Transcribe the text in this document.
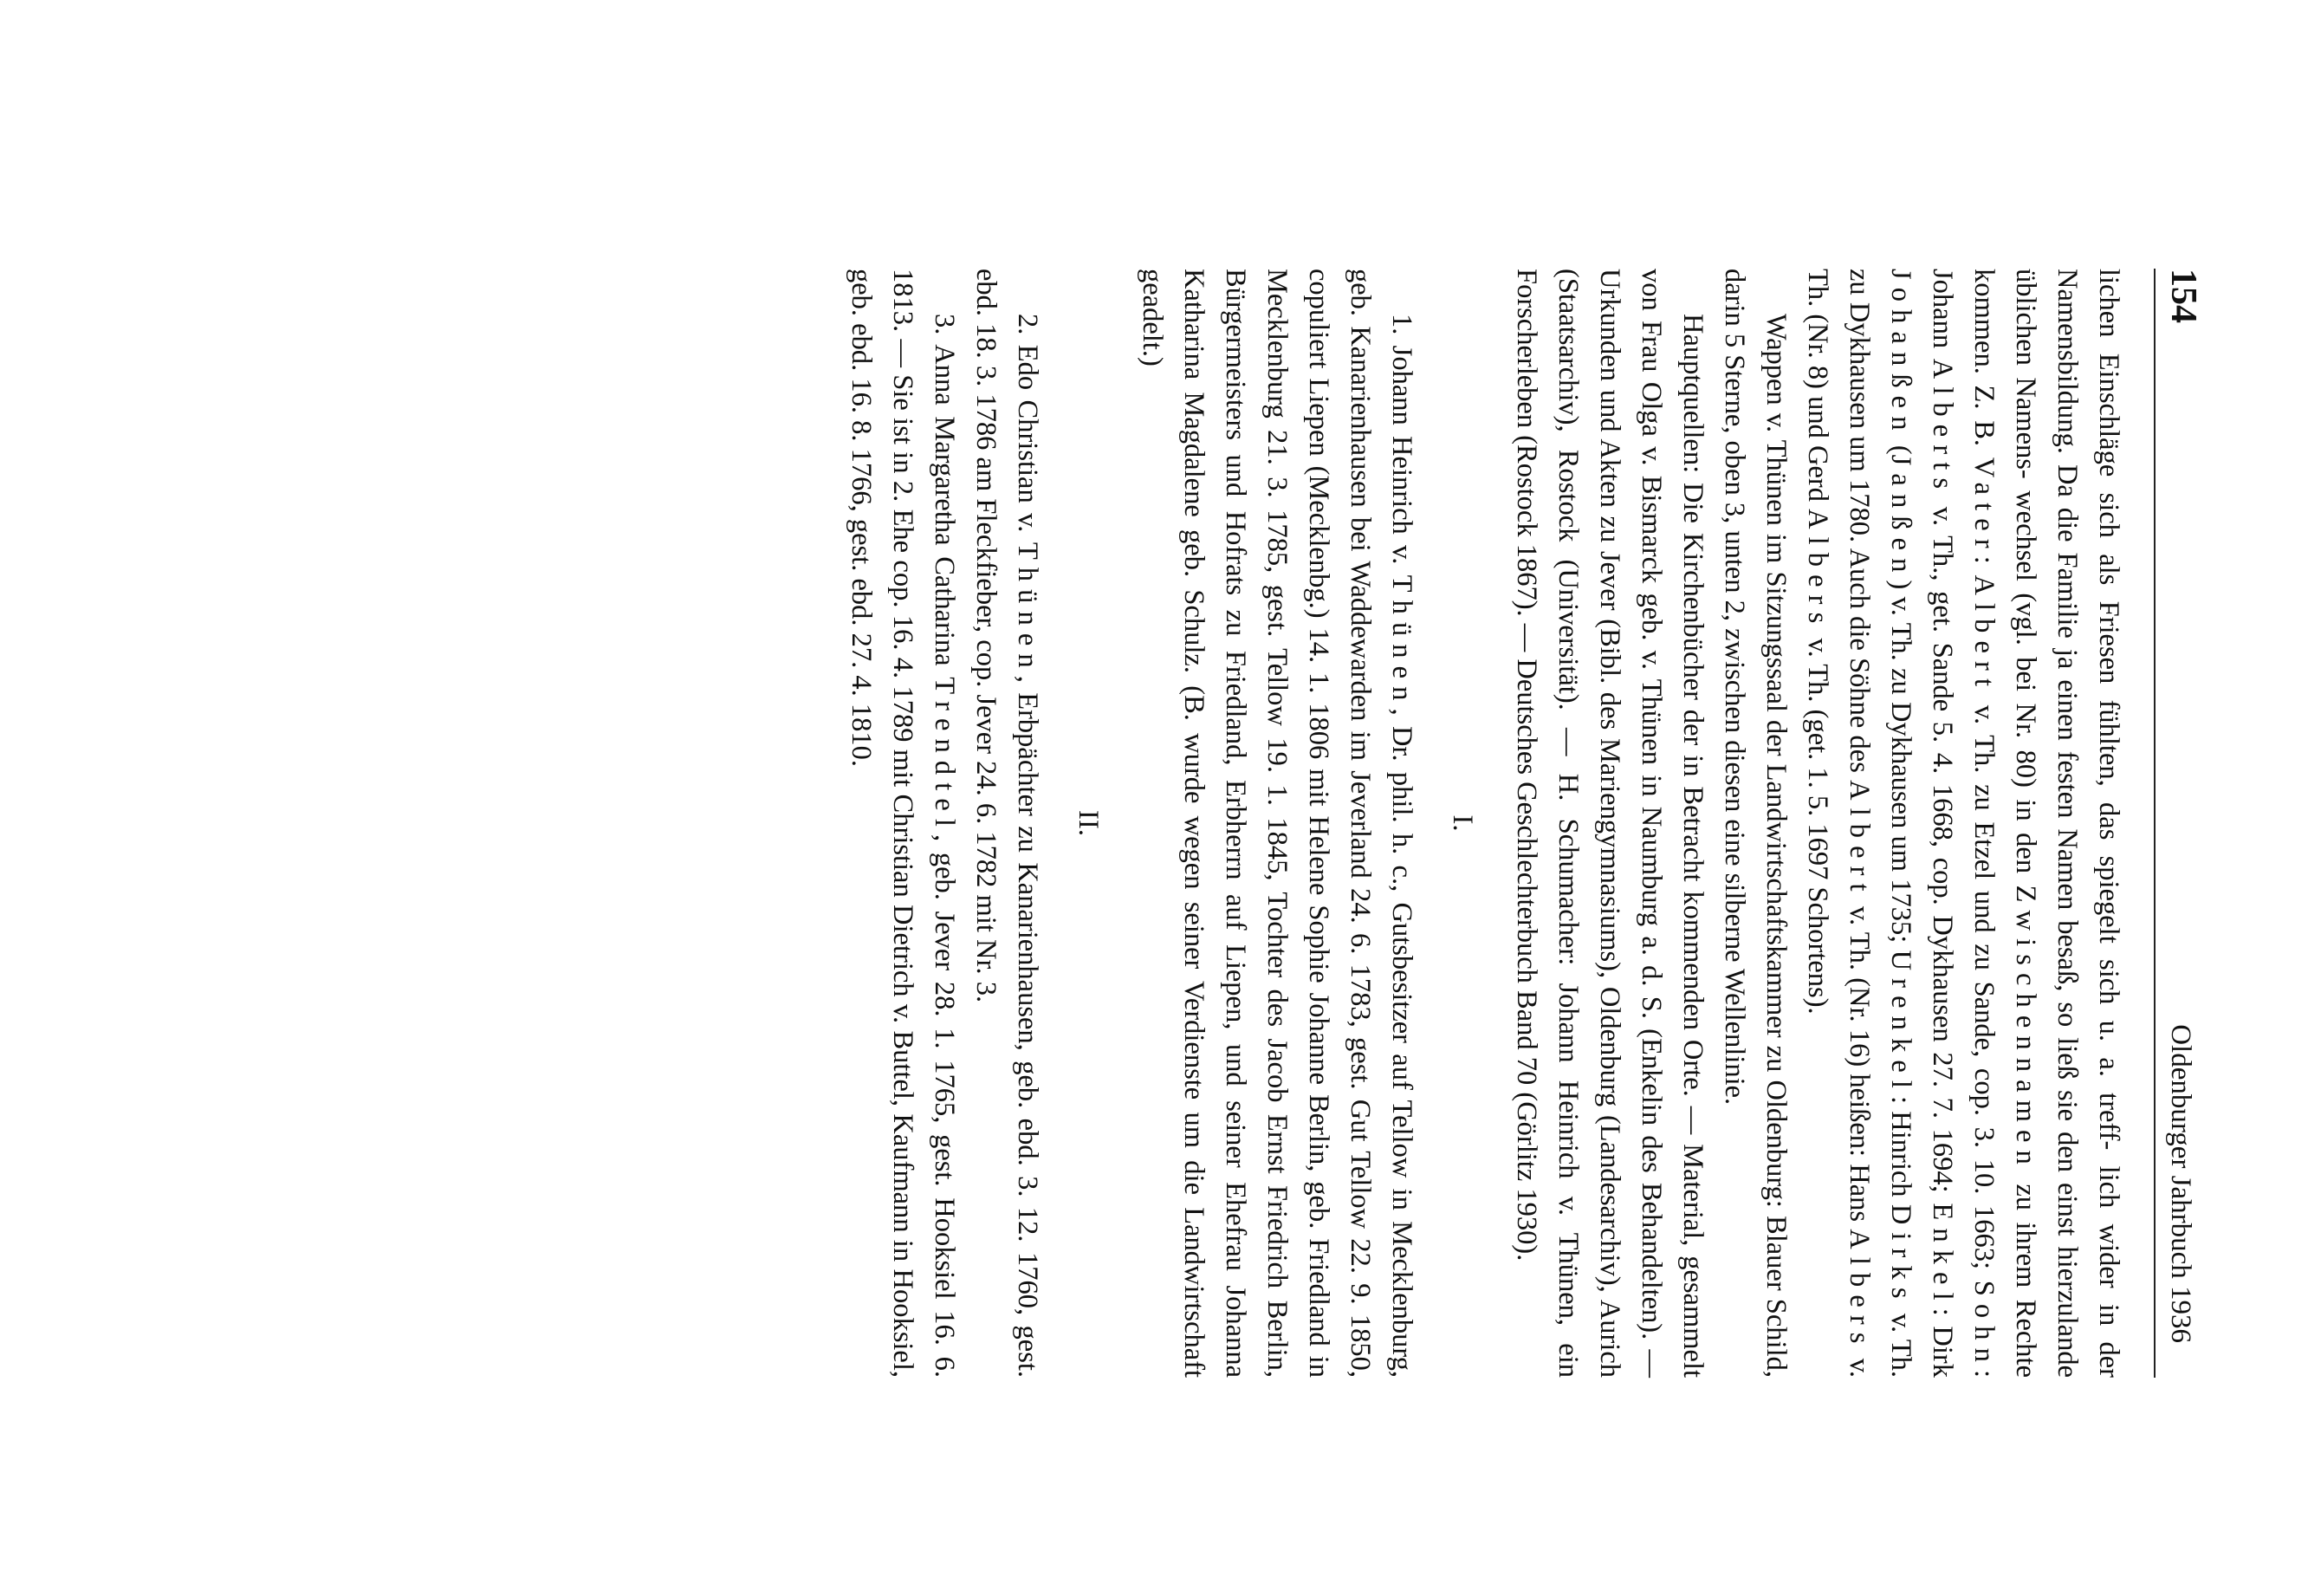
154
Oldenburger Jahrbuch 1936

lichen Einschläge sich als Friesen fühlten, das spiegelt sich u. a. treff- lich wider in der Namensbildung. Da die Familie ja einen festen Namen besaß, so ließ sie den einst hierzulande üblichen Namens- wechsel (vgl. bei Nr. 80) in den Zwischennamen zu ihrem Rechte kommen. Z. B. Vater: Albert v. Th. zu Etzel und zu Sande, cop. 3. 10. 1663; Sohn: Johann Alberts v. Th., get. Sande 5. 4. 1668, cop. Dykhausen 27. 7. 1694; Enkel: Dirk Johanßen (Janßen) v. Th. zu Dykhausen um 1735; Urenkel: Hinrich Dirks v. Th. zu Dykhausen um 1780. Auch die Söhne des Albert v. Th. (Nr. 16) heißen: Hans Albers v. Th. (Nr. 8) und Gerd Albers v. Th. (get. 1. 5. 1697 Schortens).

Wappen v. Thünen im Sitzungssaal der Landwirtschaftskammer zu Oldenburg: Blauer Schild, darin 5 Sterne, oben 3, unten 2, zwischen diesen eine silberne Wellenlinie.

Hauptquellen: Die Kirchenbücher der in Betracht kommenden Orte. — Material, gesammelt von Frau Olga v. Bismarck geb. v. Thünen in Naumburg a. d. S. (Enkelin des Behandelten). — Urkunden und Akten zu Jever (Bibl. des Mariengymnasiums), Oldenburg (Landesarchiv), Aurich (Staatsarchiv), Rostock (Universität). — H. Schumacher: Johann Heinrich v. Thünen, ein Forscherleben (Rostock 1867). — Deutsches Geschlechterbuch Band 70 (Görlitz 1930).

I.

1. Johann Heinrich v. Thünen, Dr. phil. h. c., Gutsbesitzer auf Tellow in Mecklenburg, geb. Kanarienhausen bei Waddewarden im Jeverland 24. 6. 1783, gest. Gut Tellow 22. 9. 1850, copuliert Liepen (Mecklenbg.) 14. 1. 1806 mit Helene Sophie Johanne Berlin, geb. Friedland in Mecklenburg 21. 3. 1785, gest. Tellow 19. 1. 1845, Tochter des Jacob Ernst Friedrich Berlin, Bürgermeisters und Hofrats zu Friedland, Erbherrn auf Liepen, und seiner Ehefrau Johanna Katharina Magdalene geb. Schulz. (B. wurde wegen seiner Verdienste um die Landwirtschaft geadelt.)

II.

2. Edo Christian v. Thünen, Erbpächter zu Kanarienhausen, geb. ebd. 3. 12. 1760, gest. ebd. 18. 3. 1786 am Fleckfieber, cop. Jever 24. 6. 1782 mit Nr. 3.

3. Anna Margaretha Catharina Trendtel, geb. Jever 28. 1. 1765, gest. Hooksiel 16. 6. 1813. — Sie ist in 2. Ehe cop. 16. 4. 1789 mit Christian Dietrich v. Buttel, Kaufmann in Hooksiel, geb. ebd. 16. 8. 1766, gest. ebd. 27. 4. 1810.
